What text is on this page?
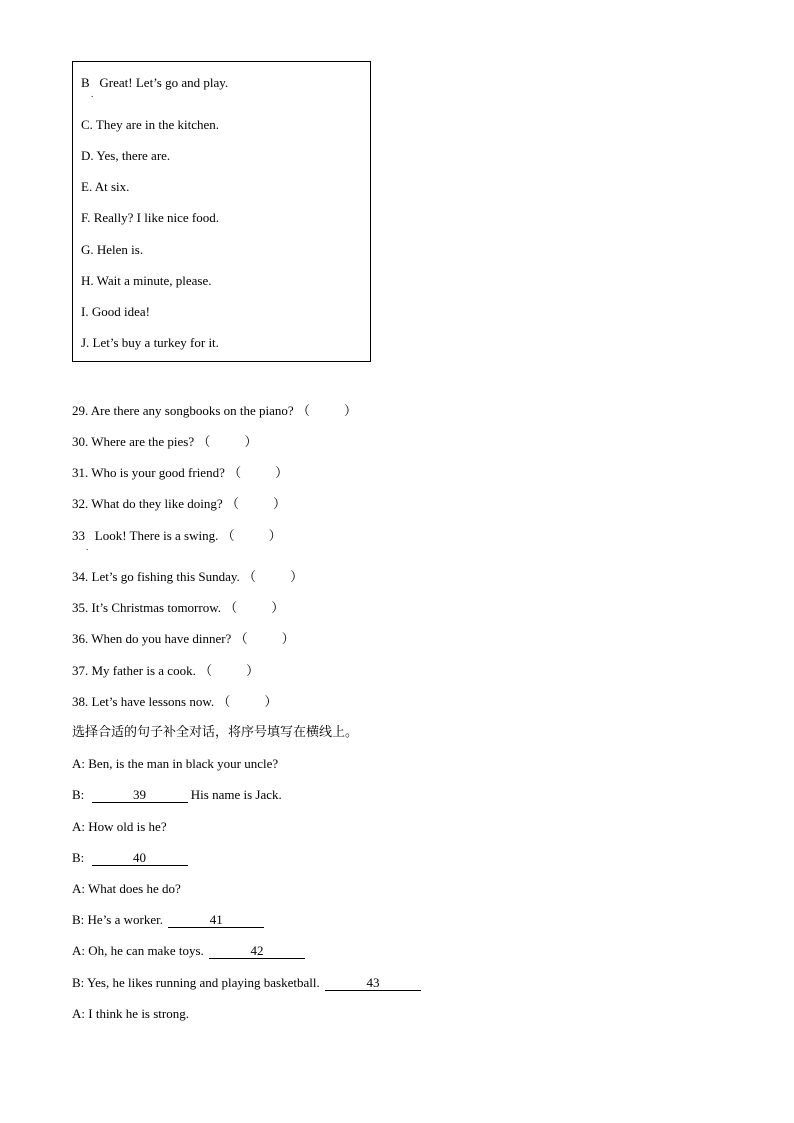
B Great! Let’s go and play.
.
C. They are in the kitchen.
D. Yes, there are.
E. At six.
F. Really? I like nice food.
G. Helen is.
H. Wait a minute, please.
I. Good idea!
J. Let’s buy a turkey for it.
29. Are there any songbooks on the piano? （	）
30. Where are the pies? （	）
31. Who is your good friend? （	）
32. What do they like doing? （	）
33 Look! There is a swing. （	）
.
34. Let’s go fishing this Sunday. （	）
35. It’s Christmas tomorrow. （	）
36. When do you have dinner? （	）
37. My father is a cook. （	）
38. Let’s have lessons now. （	）
选择合适的句子补全对话，将序号填写在横线上。
A: Ben, is the man in black your uncle?
B:	39	His name is Jack.
A: How old is he?
B:	40
A: What does he do?
B: He’s a worker.	41
A: Oh, he can make toys.	42
B: Yes, he likes running and playing basketball.	43
A: I think he is strong.
